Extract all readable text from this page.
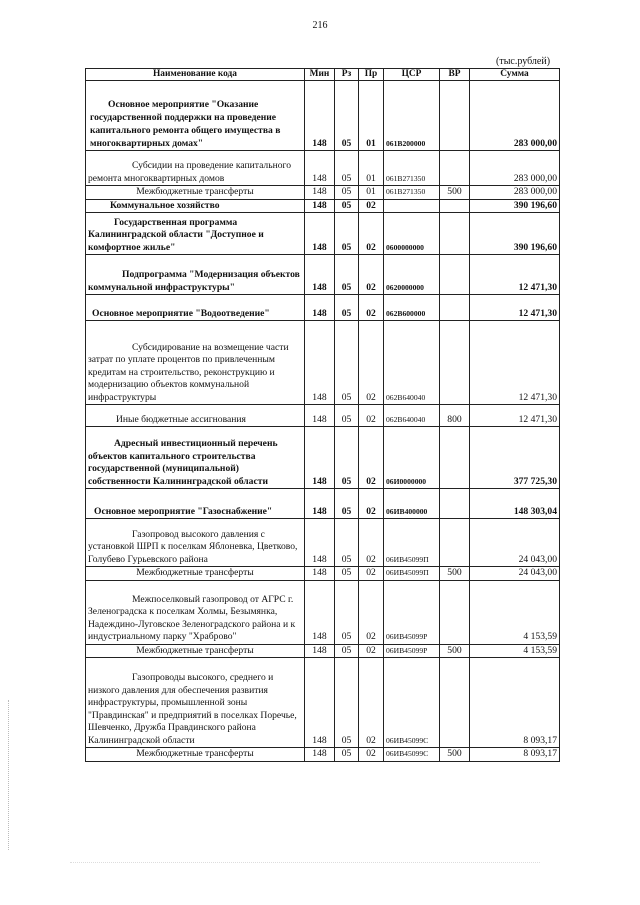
216
(тыс.рублей)
Наименование кода	Мин	Рз	Пр	ЦСР	ВР	Сумма
Основное мероприятие "Оказание государственной поддержки на проведение капитального ремонта общего имущества в многоквартирных домах"	148	05	01	061B200000		283 000,00
Субсидии на проведение капитального ремонта многоквартирных домов	148	05	01	061B271350		283 000,00
Межбюджетные трансферты	148	05	01	061B271350	500	283 000,00
Коммунальное хозяйство	148	05	02			390 196,60
Государственная программа Калининградской области "Доступное и комфортное жилье"	148	05	02	0600000000		390 196,60
Подпрограмма "Модернизация объектов коммунальной инфраструктуры"	148	05	02	0620000000		12 471,30
Основное мероприятие "Водоотведение"	148	05	02	062B600000		12 471,30
Субсидирование на возмещение части затрат по уплате процентов по привлеченным кредитам на строительство, реконструкцию и модернизацию объектов коммунальной инфраструктуры	148	05	02	062B640040		12 471,30
Иные бюджетные ассигнования	148	05	02	062B640040	800	12 471,30
Адресный инвестиционный перечень объектов капитального строительства государственной (муниципальной) собственности Калининградской области	148	05	02	06И0000000		377 725,30
Основное мероприятие "Газоснабжение"	148	05	02	06ИВ400000		148 303,04
Газопровод высокого давления с установкой ШРП к поселкам Яблоневка, Цветково, Голубево Гурьевского района	148	05	02	06ИВ45099П		24 043,00
Межбюджетные трансферты	148	05	02	06ИВ45099П	500	24 043,00
Межпоселковый газопровод от АГРС г. Зеленоградска к поселкам Холмы, Безымянка, Надеждино-Луговское Зеленоградского района и к индустриальному парку "Храброво"	148	05	02	06ИВ45099Р		4 153,59
Межбюджетные трансферты	148	05	02	06ИВ45099Р	500	4 153,59
Газопроводы высокого, среднего и низкого давления для обеспечения развития инфраструктуры, промышленной зоны "Правдинская" и предприятий в поселках Поречье, Шевченко, Дружба Правдинского района Калининградской области	148	05	02	06ИВ45099С		8 093,17
Межбюджетные трансферты	148	05	02	06ИВ45099С	500	8 093,17
